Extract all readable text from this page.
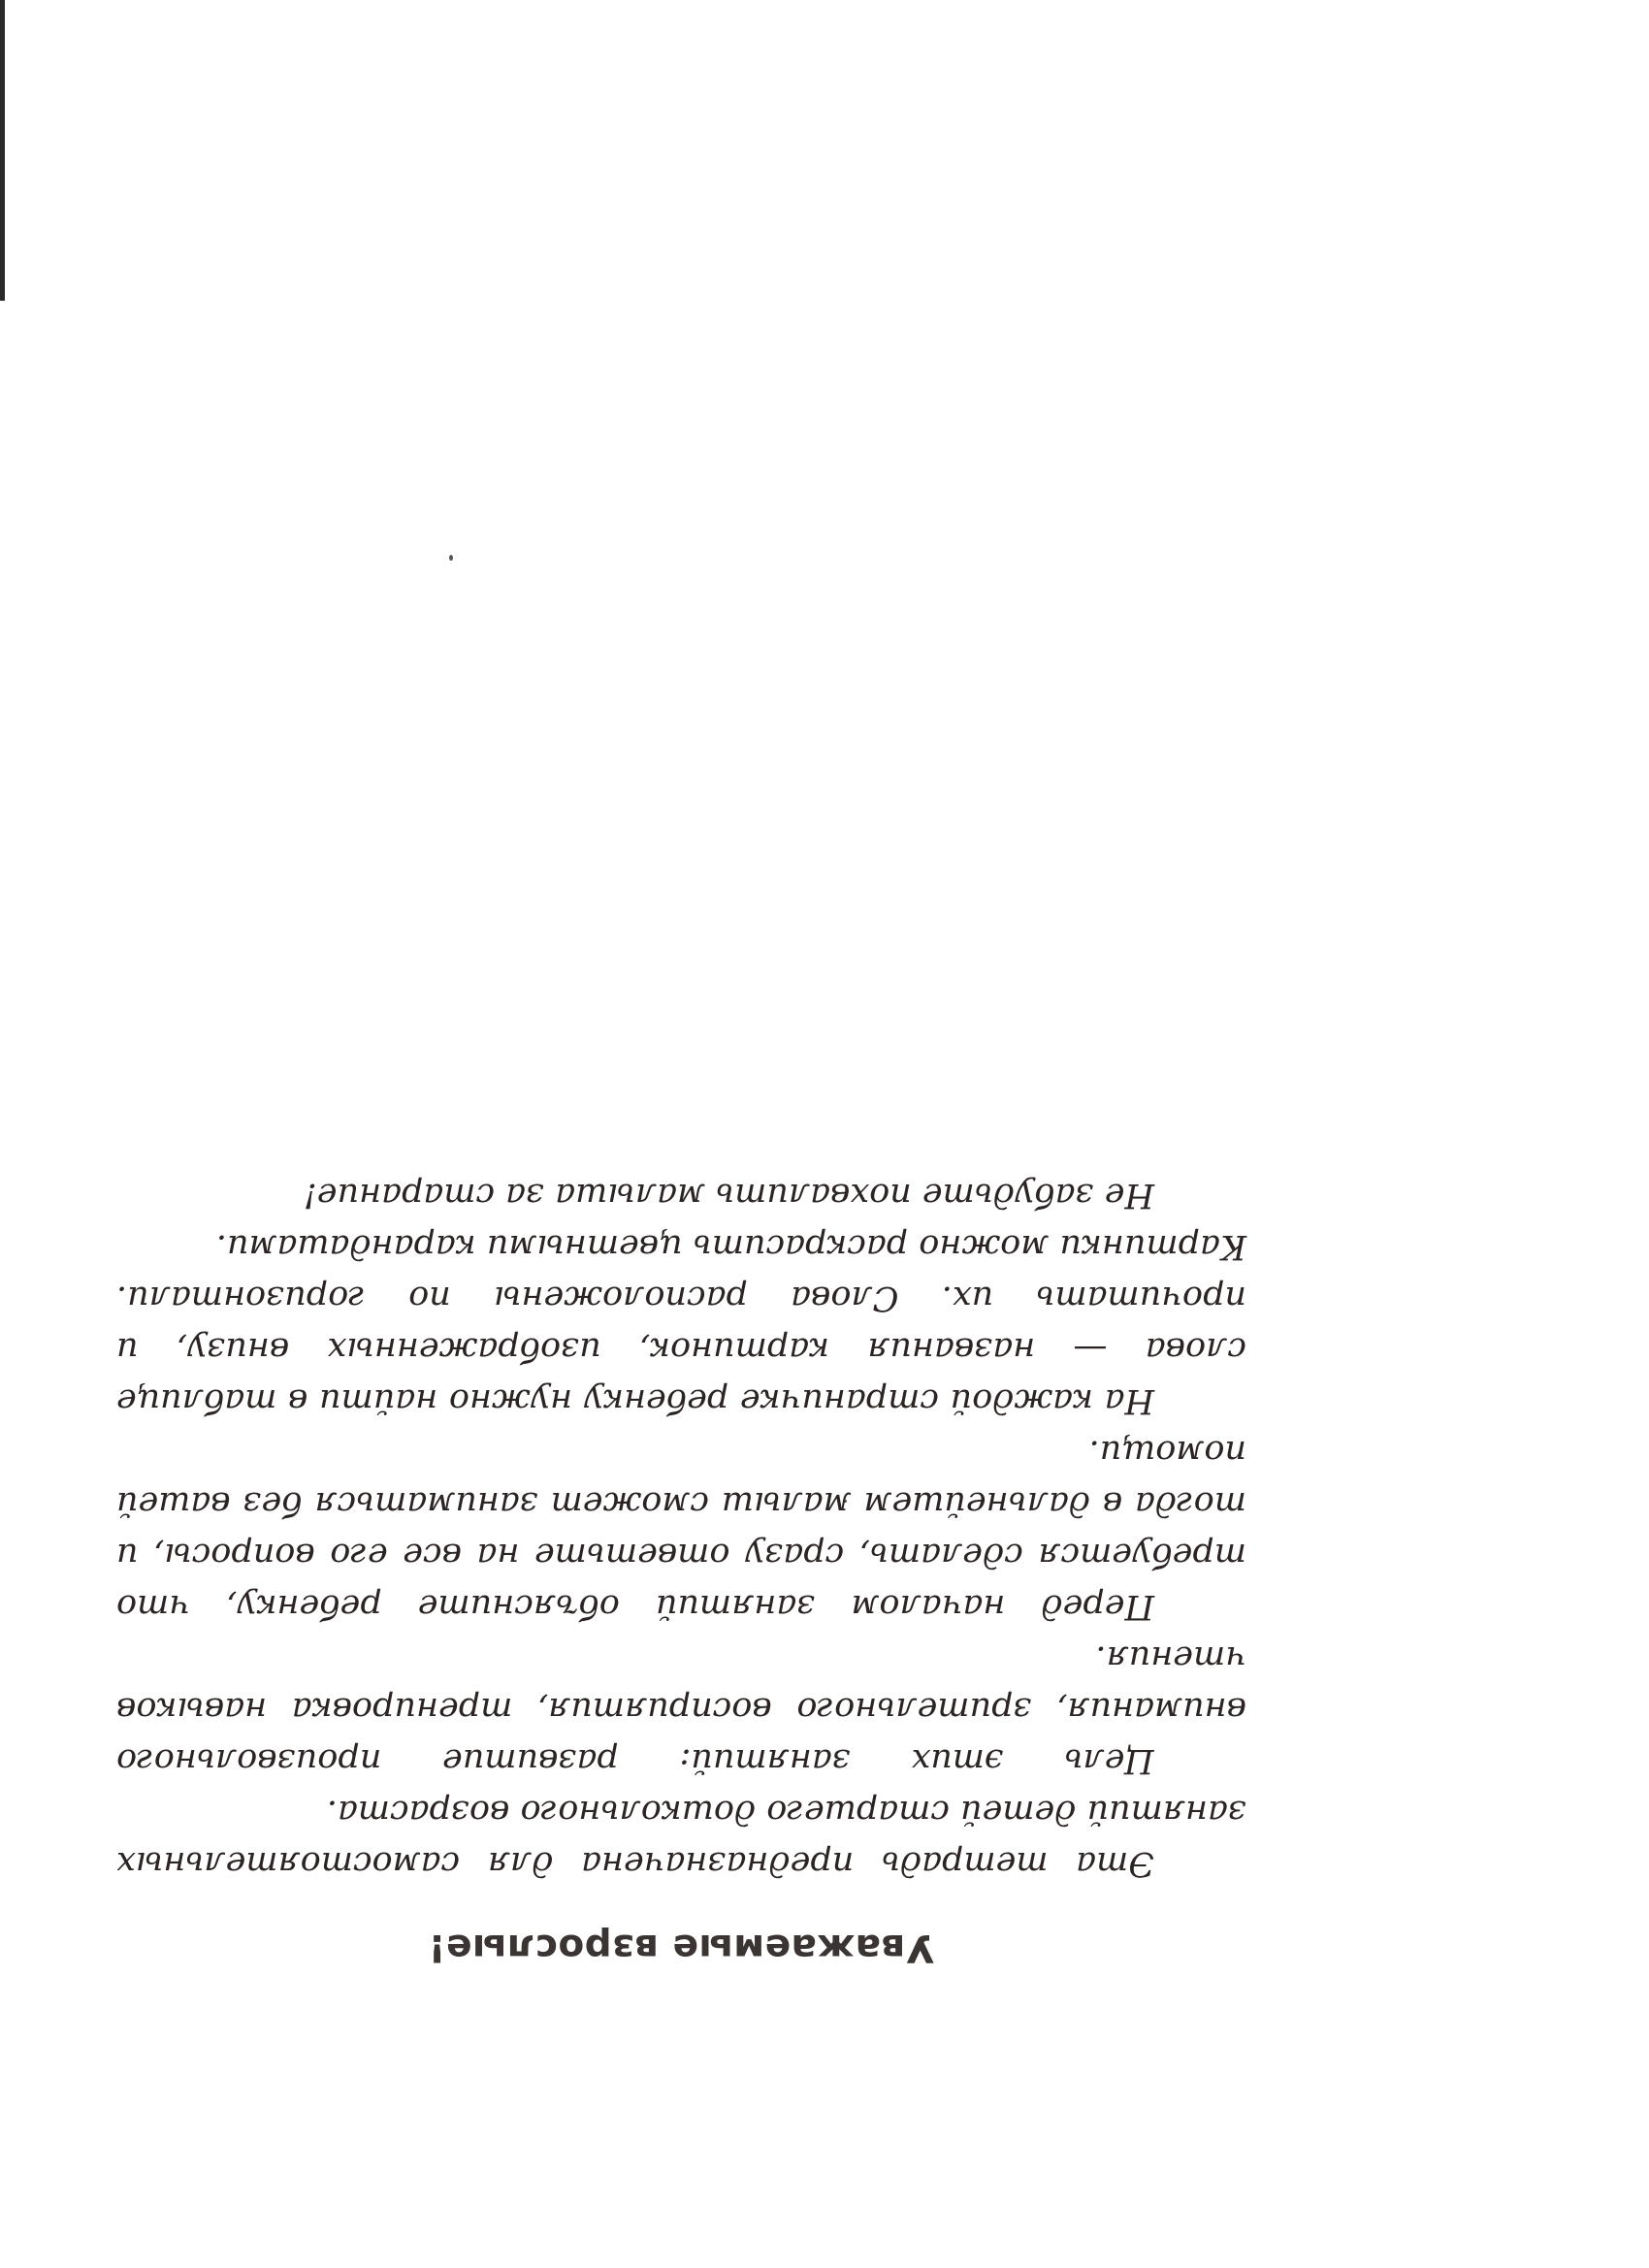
Уважаемые взрослые!

Эта тетрадь предназначена для самостоятельных занятий детей старшего дошкольного возраста.

Цель этих занятий: развитие произвольного внимания, зрительного восприятия, тренировка навыков чтения.

Перед началом занятий объясните ребенку, что требуется сделать, сразу ответьте на все его вопросы, и тогда в дальнейшем малыш сможет заниматься без вашей помощи.

На каждой страничке ребенку нужно найти в таблице слова — названия картинок, изображенных внизу, и прочитать их. Слова расположены по горизонтали. Картинки можно раскрасить цветными карандашами.

Не забудьте похвалить малыша за старание!
